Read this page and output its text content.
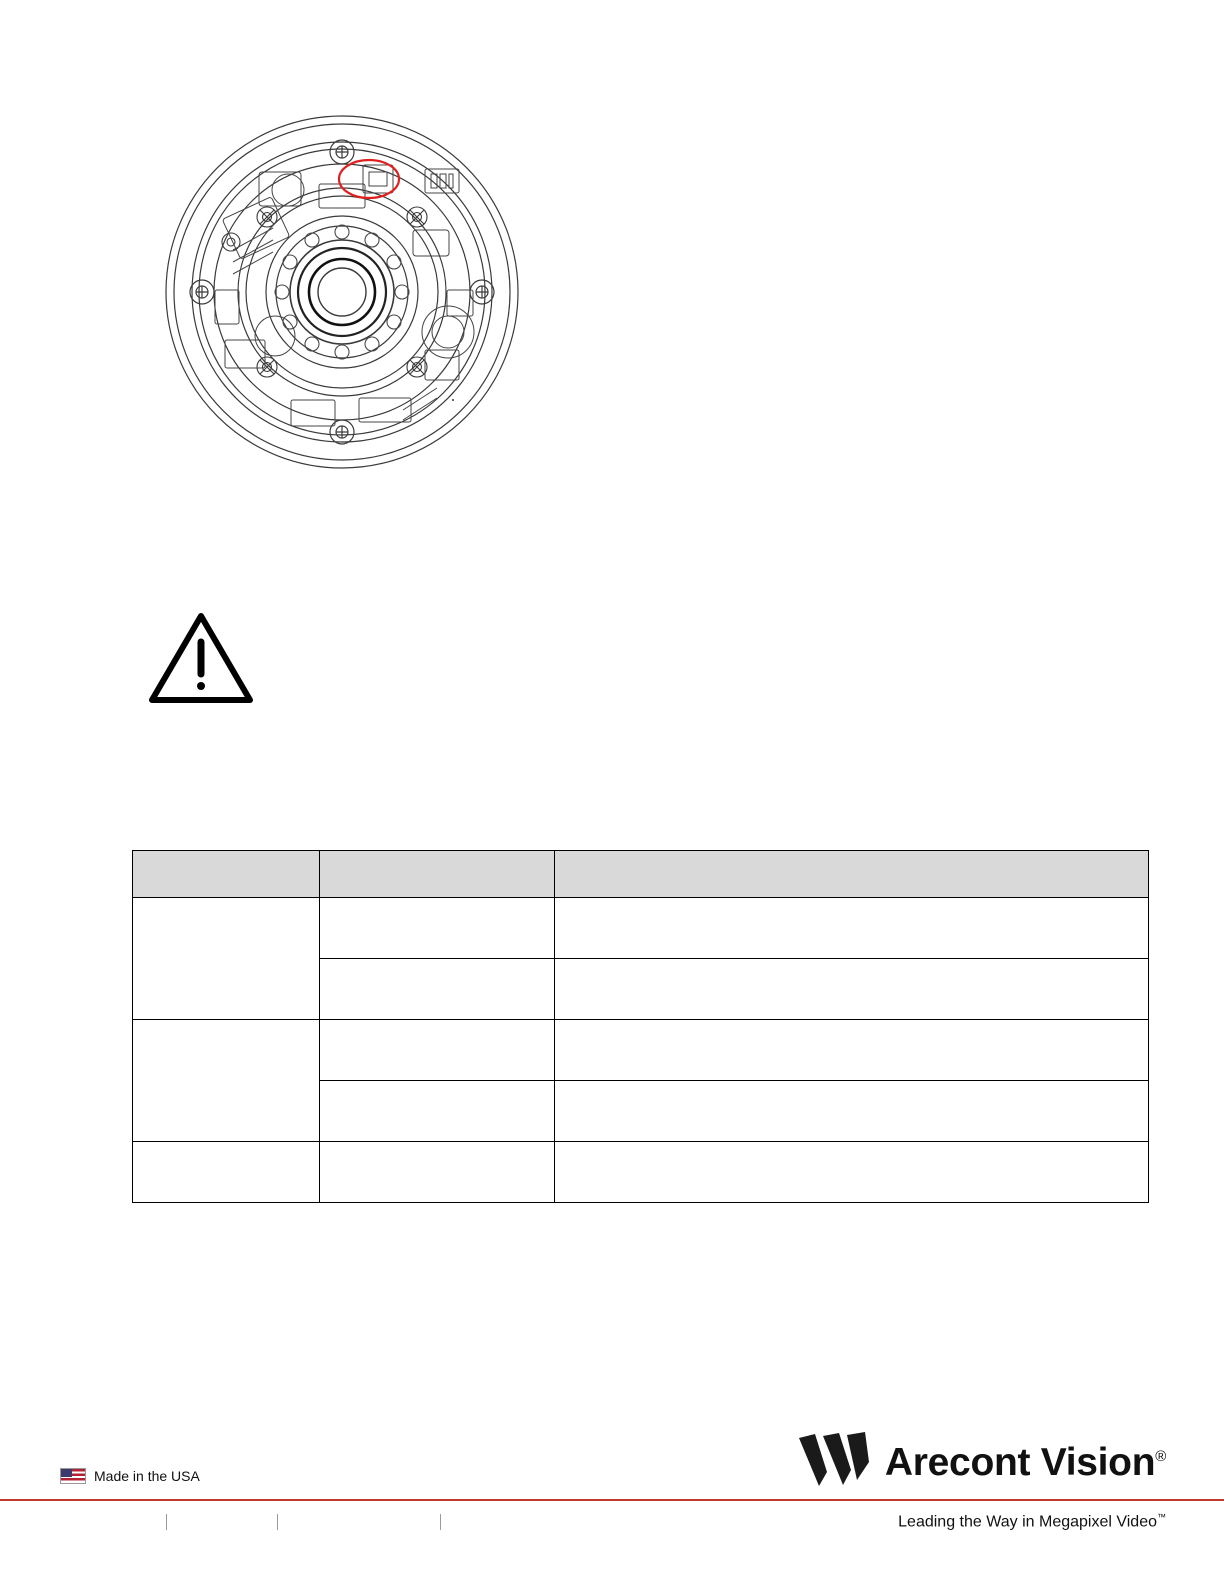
Made in the USA	Arecont Vision®
Leading the Way in Megapixel Video™
